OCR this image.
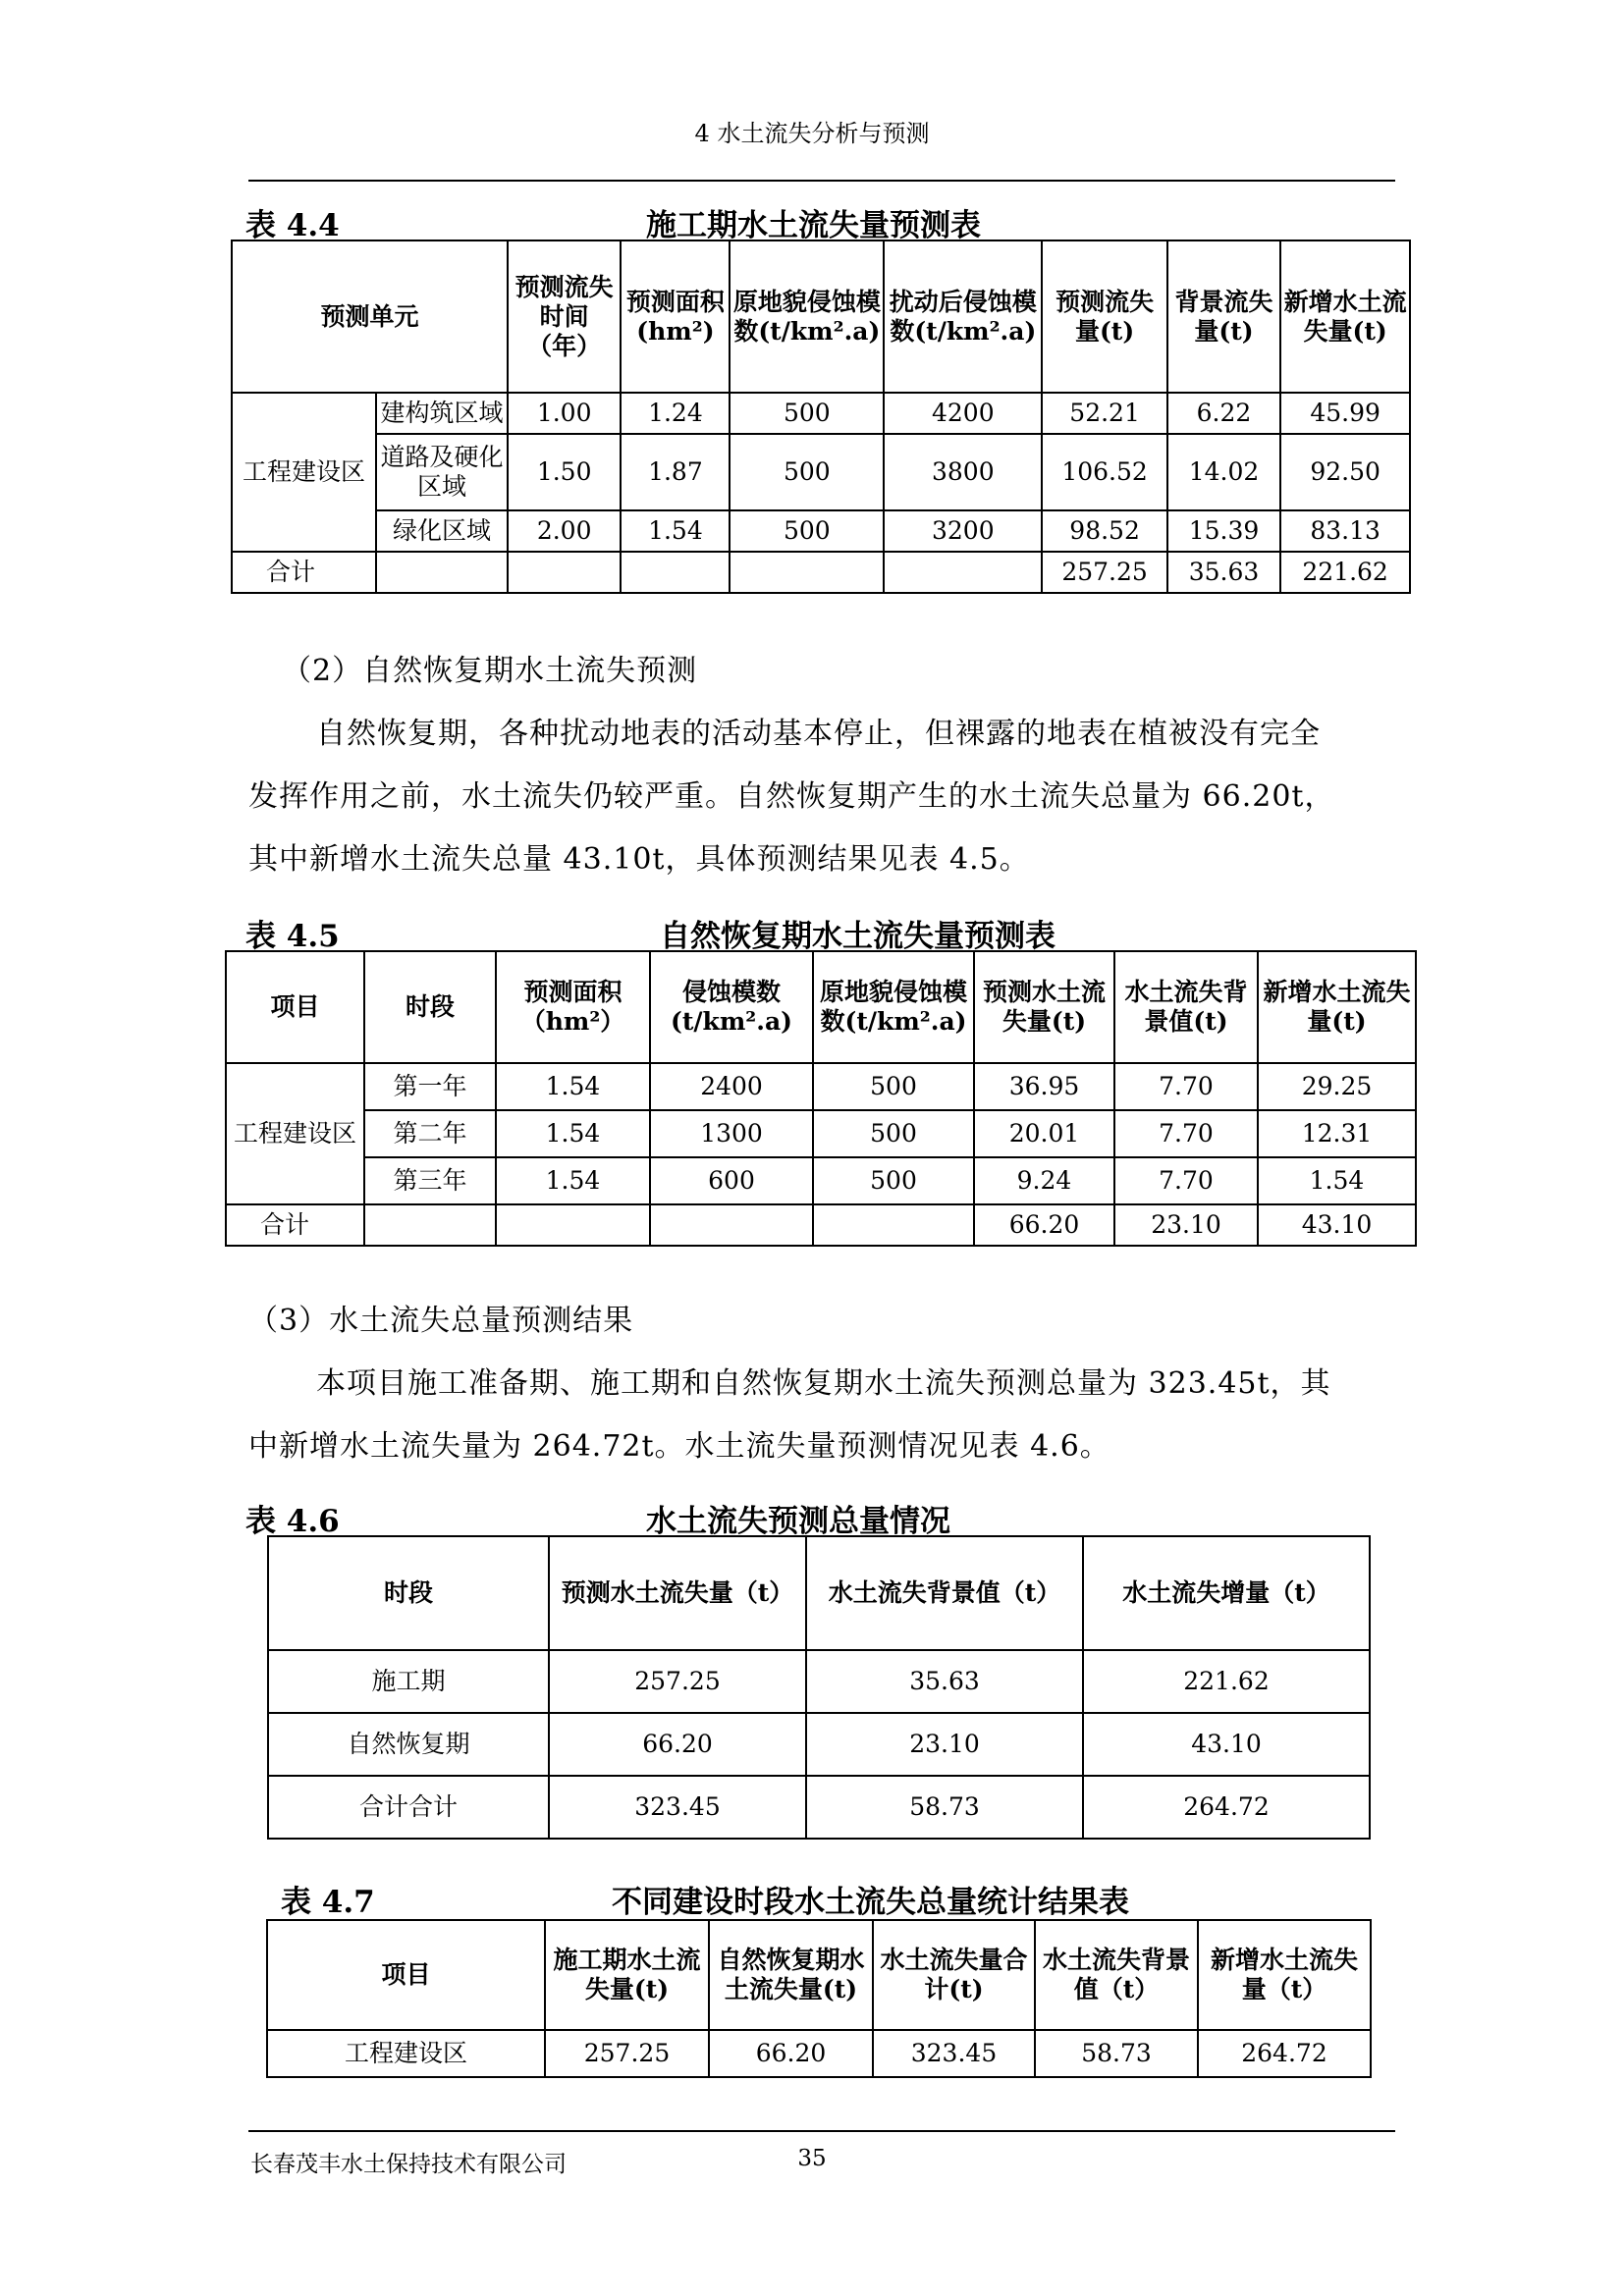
4 水土流失分析与预测
表 4.4	施工期水土流失量预测表
预测单元		预测流失时间（年）	预测面积(hm²)	原地貌侵蚀模数(t/km².a)	扰动后侵蚀模数(t/km².a)	预测流失量(t)	背景流失量(t)	新增水土流失量(t)
工程建设区	建构筑区域	1.00	1.24	500	4200	52.21	6.22	45.99
	道路及硬化区域	1.50	1.87	500	3800	106.52	14.02	92.50
	绿化区域	2.00	1.54	500	3200	98.52	15.39	83.13
合计						257.25	35.63	221.62
（2）自然恢复期水土流失预测
自然恢复期，各种扰动地表的活动基本停止，但裸露的地表在植被没有完全
发挥作用之前，水土流失仍较严重。自然恢复期产生的水土流失总量为 66.20t，
其中新增水土流失总量 43.10t，具体预测结果见表 4.5。
表 4.5	自然恢复期水土流失量预测表
项目	时段	预测面积（hm²）	侵蚀模数(t/km².a)	原地貌侵蚀模数(t/km².a)	预测水土流失量(t)	水土流失背景值(t)	新增水土流失量(t)
工程建设区	第一年	1.54	2400	500	36.95	7.70	29.25
	第二年	1.54	1300	500	20.01	7.70	12.31
	第三年	1.54	600	500	9.24	7.70	1.54
合计					66.20	23.10	43.10
（3）水土流失总量预测结果
本项目施工准备期、施工期和自然恢复期水土流失预测总量为 323.45t，其
中新增水土流失量为 264.72t。水土流失量预测情况见表 4.6。
表 4.6	水土流失预测总量情况
时段	预测水土流失量（t）	水土流失背景值（t）	水土流失增量（t）
施工期	257.25	35.63	221.62
自然恢复期	66.20	23.10	43.10
合计合计	323.45	58.73	264.72
表 4.7	不同建设时段水土流失总量统计结果表
项目	施工期水土流失量(t)	自然恢复期水土流失量(t)	水土流失量合计(t)	水土流失背景值（t）	新增水土流失量（t）
工程建设区	257.25	66.20	323.45	58.73	264.72
长春茂丰水土保持技术有限公司	35
